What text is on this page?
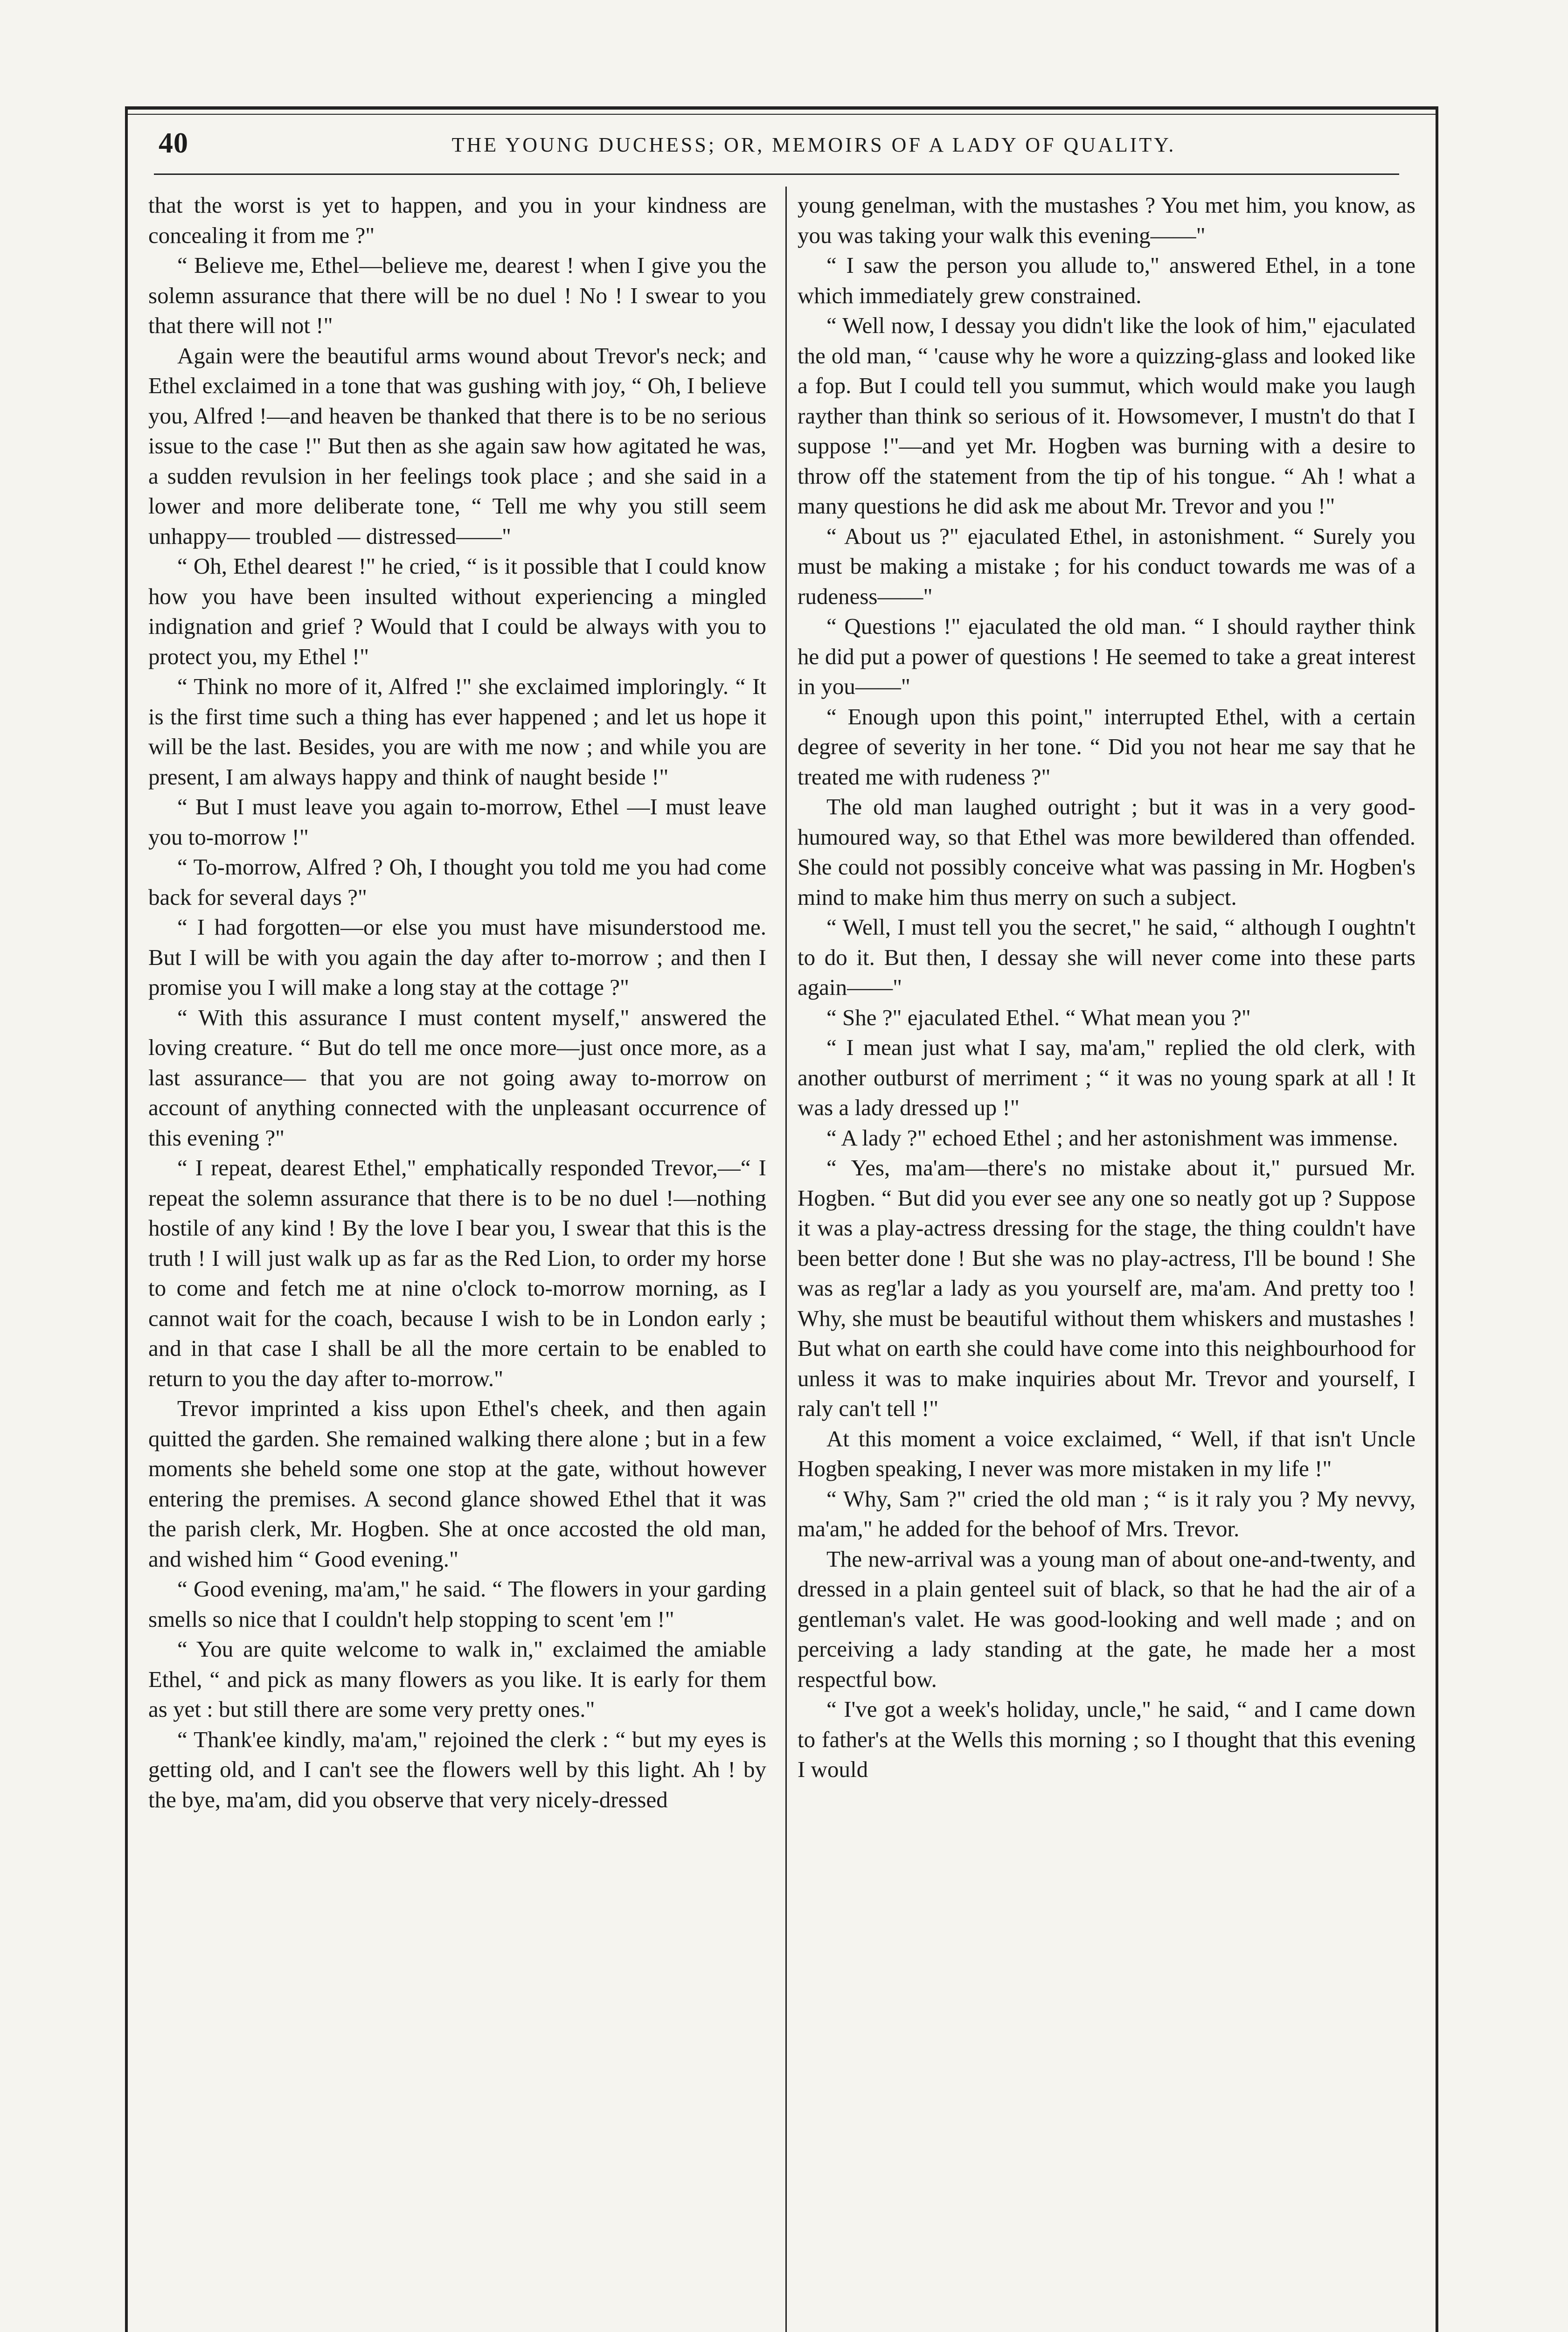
40	THE YOUNG DUCHESS; OR, MEMOIRS OF A LADY OF QUALITY.

that the worst is yet to happen, and you in your kindness are concealing it from me ?"

“ Believe me, Ethel—believe me, dearest ! when I give you the solemn assurance that there will be no duel ! No ! I swear to you that there will not !"

Again were the beautiful arms wound about Trevor's neck; and Ethel exclaimed in a tone that was gushing with joy, “ Oh, I believe you, Alfred !—and heaven be thanked that there is to be no serious issue to the case !" But then as she again saw how agitated he was, a sudden revulsion in her feelings took place ; and she said in a lower and more deliberate tone, “ Tell me why you still seem unhappy— troubled — distressed——"

“ Oh, Ethel dearest !" he cried, “ is it possible that I could know how you have been insulted without experiencing a mingled indignation and grief ? Would that I could be always with you to protect you, my Ethel !"

“ Think no more of it, Alfred !" she exclaimed imploringly. “ It is the first time such a thing has ever happened ; and let us hope it will be the last. Besides, you are with me now ; and while you are present, I am always happy and think of naught beside !"

“ But I must leave you again to-morrow, Ethel —I must leave you to-morrow !"

“ To-morrow, Alfred ? Oh, I thought you told me you had come back for several days ?"

“ I had forgotten—or else you must have misunderstood me. But I will be with you again the day after to-morrow ; and then I promise you I will make a long stay at the cottage ?"

“ With this assurance I must content myself," answered the loving creature. “ But do tell me once more—just once more, as a last assurance— that you are not going away to-morrow on account of anything connected with the unpleasant occurrence of this evening ?"

“ I repeat, dearest Ethel," emphatically responded Trevor,—“ I repeat the solemn assurance that there is to be no duel !—nothing hostile of any kind ! By the love I bear you, I swear that this is the truth ! I will just walk up as far as the Red Lion, to order my horse to come and fetch me at nine o'clock to-morrow morning, as I cannot wait for the coach, because I wish to be in London early ; and in that case I shall be all the more certain to be enabled to return to you the day after to-morrow."

Trevor imprinted a kiss upon Ethel's cheek, and then again quitted the garden. She remained walking there alone ; but in a few moments she beheld some one stop at the gate, without however entering the premises. A second glance showed Ethel that it was the parish clerk, Mr. Hogben. She at once accosted the old man, and wished him “ Good evening."

“ Good evening, ma'am," he said. “ The flowers in your garding smells so nice that I couldn't help stopping to scent 'em !"

“ You are quite welcome to walk in," exclaimed the amiable Ethel, “ and pick as many flowers as you like. It is early for them as yet : but still there are some very pretty ones."

“ Thank'ee kindly, ma'am," rejoined the clerk : “ but my eyes is getting old, and I can't see the flowers well by this light. Ah ! by the bye, ma'am, did you observe that very nicely-dressed

young genelman, with the mustashes ? You met him, you know, as you was taking your walk this evening——"

“ I saw the person you allude to," answered Ethel, in a tone which immediately grew constrained.

“ Well now, I dessay you didn't like the look of him," ejaculated the old man, “ 'cause why he wore a quizzing-glass and looked like a fop. But I could tell you summut, which would make you laugh rayther than think so serious of it. Howsomever, I mustn't do that I suppose !"—and yet Mr. Hogben was burning with a desire to throw off the statement from the tip of his tongue. “ Ah ! what a many questions he did ask me about Mr. Trevor and you !"

“ About us ?" ejaculated Ethel, in astonishment. “ Surely you must be making a mistake ; for his conduct towards me was of a rudeness——"

“ Questions !" ejaculated the old man. “ I should rayther think he did put a power of questions ! He seemed to take a great interest in you——"

“ Enough upon this point," interrupted Ethel, with a certain degree of severity in her tone. “ Did you not hear me say that he treated me with rudeness ?"

The old man laughed outright ; but it was in a very good-humoured way, so that Ethel was more bewildered than offended. She could not possibly conceive what was passing in Mr. Hogben's mind to make him thus merry on such a subject.

“ Well, I must tell you the secret," he said, “ although I oughtn't to do it. But then, I dessay she will never come into these parts again——"

“ She ?" ejaculated Ethel. “ What mean you ?"

“ I mean just what I say, ma'am," replied the old clerk, with another outburst of merriment ; “ it was no young spark at all ! It was a lady dressed up !"

“ A lady ?" echoed Ethel ; and her astonishment was immense.

“ Yes, ma'am—there's no mistake about it," pursued Mr. Hogben. “ But did you ever see any one so neatly got up ? Suppose it was a play-actress dressing for the stage, the thing couldn't have been better done ! But she was no play-actress, I'll be bound ! She was as reg'lar a lady as you yourself are, ma'am. And pretty too ! Why, she must be beautiful without them whiskers and mustashes ! But what on earth she could have come into this neighbourhood for unless it was to make inquiries about Mr. Trevor and yourself, I raly can't tell !"

At this moment a voice exclaimed, “ Well, if that isn't Uncle Hogben speaking, I never was more mistaken in my life !"

“ Why, Sam ?" cried the old man ; “ is it raly you ? My nevvy, ma'am," he added for the behoof of Mrs. Trevor.

The new-arrival was a young man of about one-and-twenty, and dressed in a plain genteel suit of black, so that he had the air of a gentleman's valet. He was good-looking and well made ; and on perceiving a lady standing at the gate, he made her a most respectful bow.

“ I've got a week's holiday, uncle," he said, “ and I came down to father's at the Wells this morning ; so I thought that this evening I would
